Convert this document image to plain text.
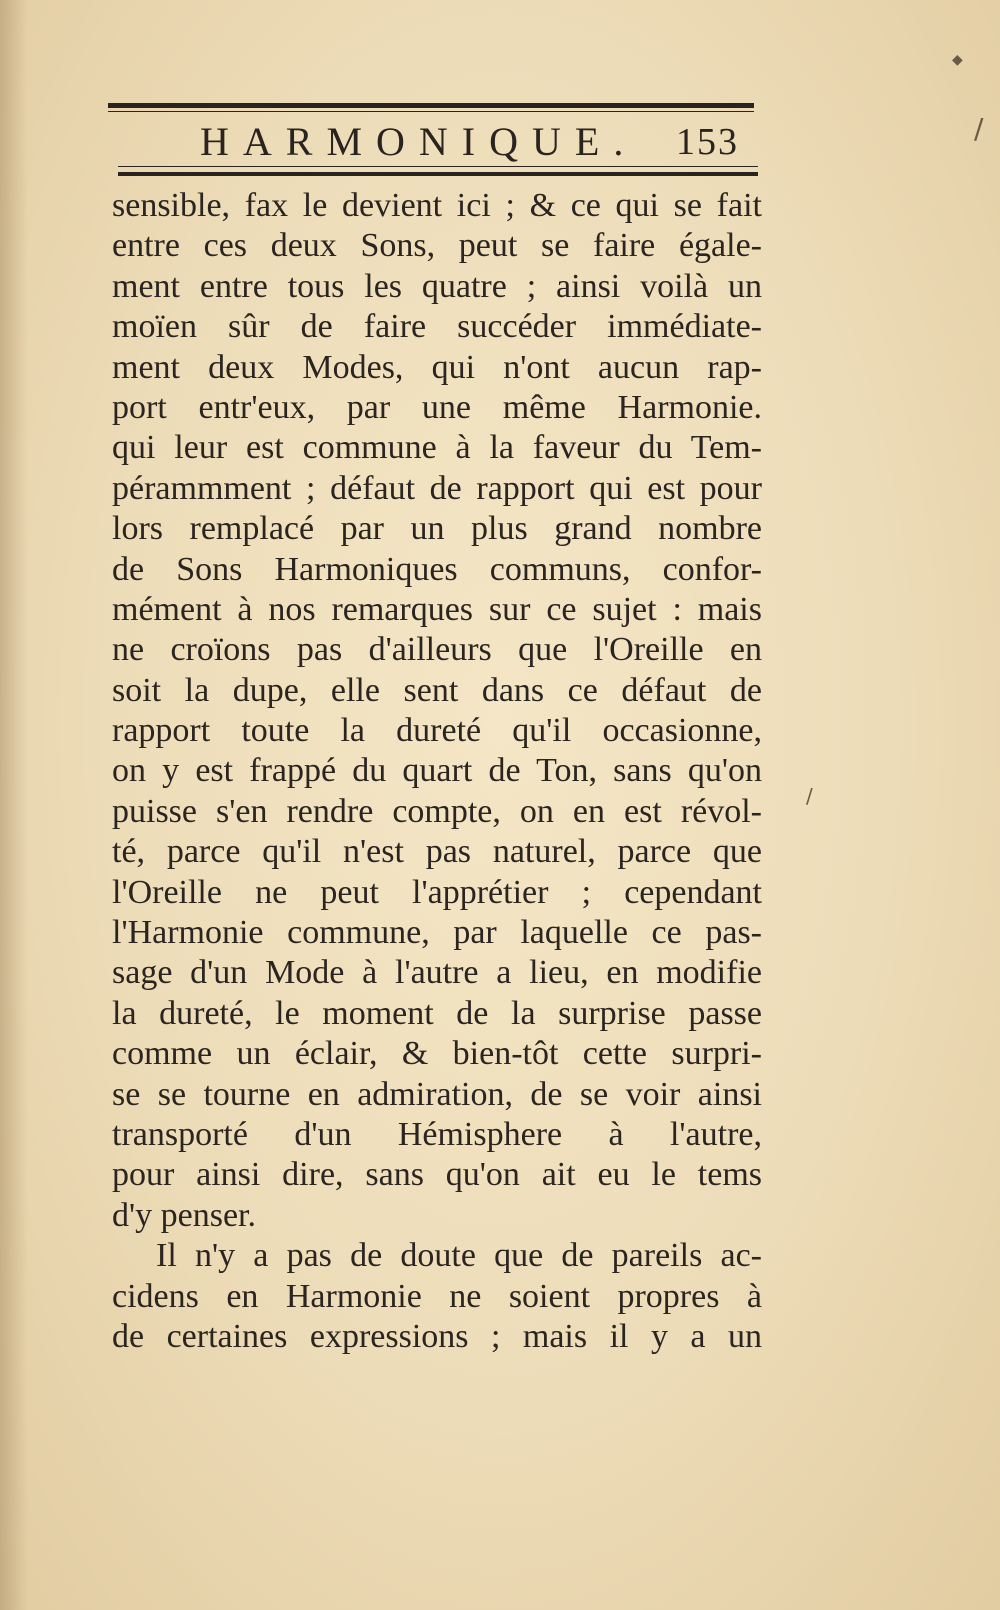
HARMONIQUE. 153
sensible, fax le devient ici ; & ce qui se fait
entre ces deux Sons, peut se faire égale-
ment entre tous les quatre ; ainsi voilà un
moïen sûr de faire succéder immédiate-
ment deux Modes, qui n'ont aucun rap-
port entr'eux, par une même Harmonie.
qui leur est commune à la faveur du Tem-
pérammment ; défaut de rapport qui est pour
lors remplacé par un plus grand nombre
de Sons Harmoniques communs, confor-
mément à nos remarques sur ce sujet : mais
ne croïons pas d'ailleurs que l'Oreille en
soit la dupe, elle sent dans ce défaut de
rapport toute la dureté qu'il occasionne,
on y est frappé du quart de Ton, sans qu'on
puisse s'en rendre compte, on en est révol-
té, parce qu'il n'est pas naturel, parce que
l'Oreille ne peut l'apprétier ; cependant
l'Harmonie commune, par laquelle ce pas-
sage d'un Mode à l'autre a lieu, en modifie
la dureté, le moment de la surprise passe
comme un éclair, & bien-tôt cette surpri-
se se tourne en admiration, de se voir ainsi
transporté d'un Hémisphere à l'autre,
pour ainsi dire, sans qu'on ait eu le tems
d'y penser.
Il n'y a pas de doute que de pareils ac-
cidens en Harmonie ne soient propres à
de certaines expressions ; mais il y a un
/
◆
/
